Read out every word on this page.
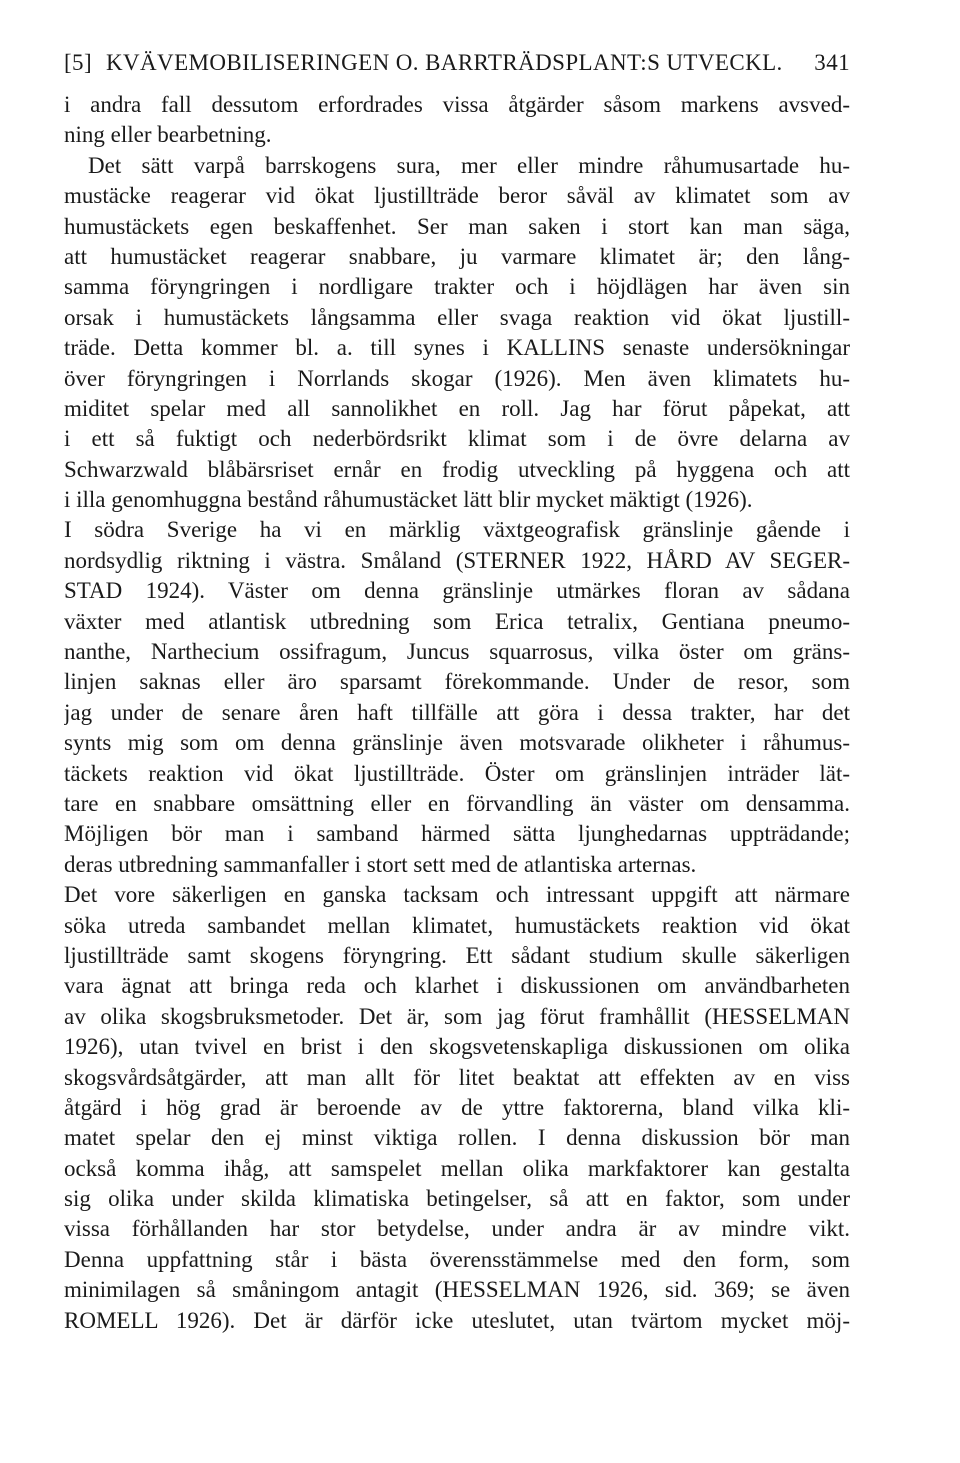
[5] KVÄVEMOBILISERINGEN O. BARRTRÄDSPLANT:S UTVECKL.	341
i andra fall dessutom erfordrades vissa åtgärder såsom markens avsved-
ning eller bearbetning.
Det sätt varpå barrskogens sura, mer eller mindre råhumusartade hu-
mustäcke reagerar vid ökat ljustillträde beror såväl av klimatet som av
humustäckets egen beskaffenhet. Ser man saken i stort kan man säga,
att humustäcket reagerar snabbare, ju varmare klimatet är; den lång-
samma föryngringen i nordligare trakter och i höjdlägen har även sin
orsak i humustäckets långsamma eller svaga reaktion vid ökat ljustill-
träde. Detta kommer bl. a. till synes i KALLINS senaste undersökningar
över föryngringen i Norrlands skogar (1926). Men även klimatets hu-
miditet spelar med all sannolikhet en roll. Jag har förut påpekat, att
i ett så fuktigt och nederbördsrikt klimat som i de övre delarna av
Schwarzwald blåbärsriset ernår en frodig utveckling på hyggena och att
i illa genomhuggna bestånd råhumustäcket lätt blir mycket mäktigt (1926).
I södra Sverige ha vi en märklig växtgeografisk gränslinje gående i
nordsydlig riktning i västra. Småland (STERNER 1922, HÅRD AV SEGER-
STAD 1924). Väster om denna gränslinje utmärkes floran av sådana
växter med atlantisk utbredning som Erica tetralix, Gentiana pneumo-
nanthe, Narthecium ossifragum, Juncus squarrosus, vilka öster om gräns-
linjen saknas eller äro sparsamt förekommande. Under de resor, som
jag under de senare åren haft tillfälle att göra i dessa trakter, har det
synts mig som om denna gränslinje även motsvarade olikheter i råhumus-
täckets reaktion vid ökat ljustillträde. Öster om gränslinjen inträder lät-
tare en snabbare omsättning eller en förvandling än väster om densamma.
Möjligen bör man i samband härmed sätta ljunghedarnas uppträdande;
deras utbredning sammanfaller i stort sett med de atlantiska arternas.
Det vore säkerligen en ganska tacksam och intressant uppgift att närmare
söka utreda sambandet mellan klimatet, humustäckets reaktion vid ökat
ljustillträde samt skogens föryngring. Ett sådant studium skulle säkerligen
vara ägnat att bringa reda och klarhet i diskussionen om användbarheten
av olika skogsbruksmetoder. Det är, som jag förut framhållit (HESSELMAN
1926), utan tvivel en brist i den skogsvetenskapliga diskussionen om olika
skogsvårdsåtgärder, att man allt för litet beaktat att effekten av en viss
åtgärd i hög grad är beroende av de yttre faktorerna, bland vilka kli-
matet spelar den ej minst viktiga rollen. I denna diskussion bör man
också komma ihåg, att samspelet mellan olika markfaktorer kan gestalta
sig olika under skilda klimatiska betingelser, så att en faktor, som under
vissa förhållanden har stor betydelse, under andra är av mindre vikt.
Denna uppfattning står i bästa överensstämmelse med den form, som
minimilagen så småningom antagit (HESSELMAN 1926, sid. 369; se även
ROMELL 1926). Det är därför icke uteslutet, utan tvärtom mycket möj-
